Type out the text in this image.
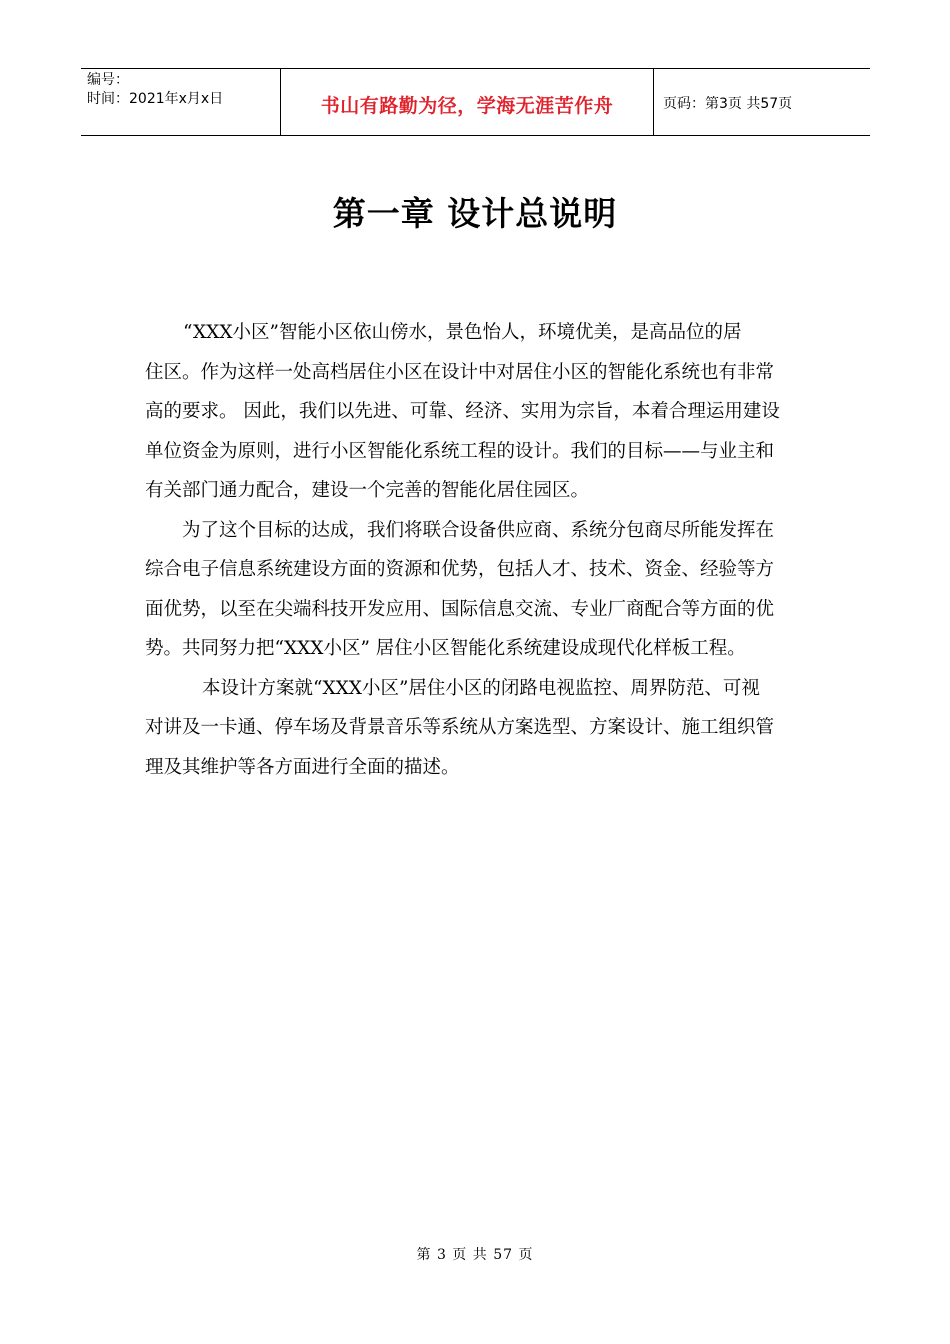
编号：
时间：2021年x月x日	书山有路勤为径，学海无涯苦作舟	页码：第3页 共57页
第一章 设计总说明
“XXX小区”智能小区依山傍水，景色怡人，环境优美，是高品位的居
住区。作为这样一处高档居住小区在设计中对居住小区的智能化系统也有非常
高的要求。 因此，我们以先进、可靠、经济、实用为宗旨，本着合理运用建设
单位资金为原则，进行小区智能化系统工程的设计。我们的目标——与业主和
有关部门通力配合，建设一个完善的智能化居住园区。
为了这个目标的达成，我们将联合设备供应商、系统分包商尽所能发挥在
综合电子信息系统建设方面的资源和优势，包括人才、技术、资金、经验等方
面优势，以至在尖端科技开发应用、国际信息交流、专业厂商配合等方面的优
势。共同努力把“XXX小区” 居住小区智能化系统建设成现代化样板工程。
本设计方案就“XXX小区”居住小区的闭路电视监控、周界防范、可视
对讲及一卡通、停车场及背景音乐等系统从方案选型、方案设计、施工组织管
理及其维护等各方面进行全面的描述。
第 3 页 共 57 页
